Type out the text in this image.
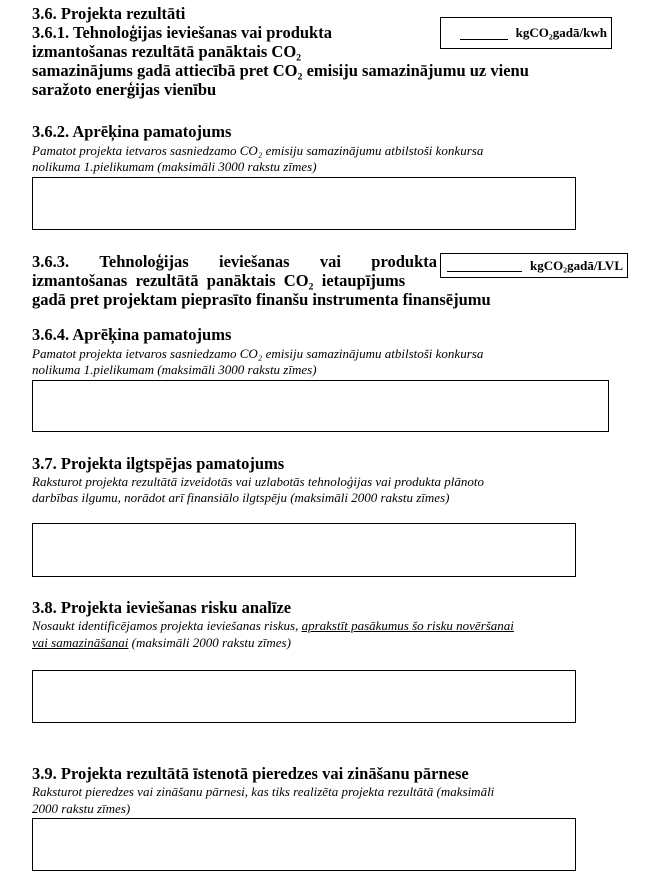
3.6. Projekta rezultāti
3.6.1. Tehnoloģijas ieviešanas vai produkta
izmantošanas rezultātā panāktais CO₂
samazinājums gadā attiecībā pret CO₂ emisiju samazinājumu uz vienu
saražoto enerģijas vienību
kgCO₂gadā/kwh
3.6.2. Aprēķina pamatojums
Pamatot projekta ietvaros sasniedzamo CO₂ emisiju samazinājumu atbilstoši konkursa
nolikuma 1.pielikumam (maksimāli 3000 rakstu zīmes)
3.6.3. Tehnoloģijas ieviešanas vai produkta
izmantošanas  rezultātā  panāktais  CO₂  ietaupījums
gadā pret projektam pieprasīto finanšu instrumenta finansējumu
kgCO₂gadā/LVL
3.6.4. Aprēķina pamatojums
Pamatot projekta ietvaros sasniedzamo CO₂ emisiju samazinājumu atbilstoši konkursa
nolikuma 1.pielikumam (maksimāli 3000 rakstu zīmes)
3.7. Projekta ilgtspējas pamatojums
Raksturot projekta rezultātā izveidotās vai uzlabotās tehnoloģijas vai produkta plānoto
darbības ilgumu, norādot arī finansiālo ilgtspēju (maksimāli 2000 rakstu zīmes)
3.8. Projekta ieviešanas risku analīze
Nosaukt identificējamos projekta ieviešanas riskus, aprakstīt pasākumus šo risku novēršanai
vai samazināšanai (maksimāli 2000 rakstu zīmes)
3.9. Projekta rezultātā īstenotā pieredzes vai zināšanu pārnese
Raksturot pieredzes vai zināšanu pārnesi, kas tiks realizēta projekta rezultātā (maksimāli
2000 rakstu zīmes)
